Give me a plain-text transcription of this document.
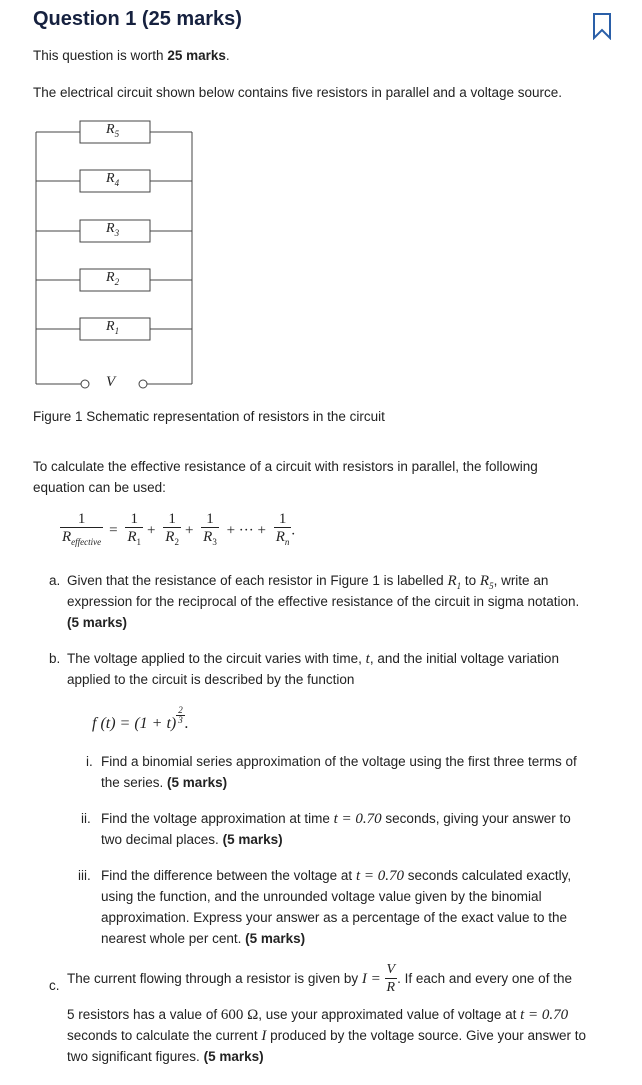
Question 1 (25 marks)

This question is worth 25 marks.

The electrical circuit shown below contains five resistors in parallel and a voltage source.

V
$R_5$
$R_4$
$R_3$
$R_2$
$R_1$

Figure 1 Schematic representation of resistors in the circuit

To calculate the effective resistance of a circuit with resistors in parallel, the following

equation can be used:

$\frac{1}{R_{effective}} = \frac{1}{R_1} + \frac{1}{R_2} + \frac{1}{R_3}$ + ··· + $\frac{1}{R_n}$ .

a. Given that the resistance of each resistor in Figure 1 is labelled $R_1$ to $R_5$, write an

expression for the reciprocal of the effective resistance of the circuit in sigma notation.

(5 marks)

b. The voltage applied to the circuit varies with time, t, and the initial voltage variation

applied to the circuit is described by the function

f (t) = (1 + t) $^{\frac{2}{3}}$ .

i. Find a binomial series approximation of the voltage using the first three terms of

the series. (5 marks)

ii. Find the voltage approximation at time t = 0.70 seconds, giving your answer to

two decimal places. (5 marks)

iii. Find the difference between the voltage at t = 0.70 seconds calculated exactly,

using the function, and the unrounded voltage value given by the binomial

approximation. Express your answer as a percentage of the exact value to the

nearest whole per cent. (5 marks)

c. The current flowing through a resistor is given by $I = \frac{V}{R}$ . If each and every one of the

5 resistors has a value of 600 Ω, use your approximated value of voltage at t = 0.70

seconds to calculate the current I produced by the voltage source. Give your answer to

two significant figures. (5 marks)
